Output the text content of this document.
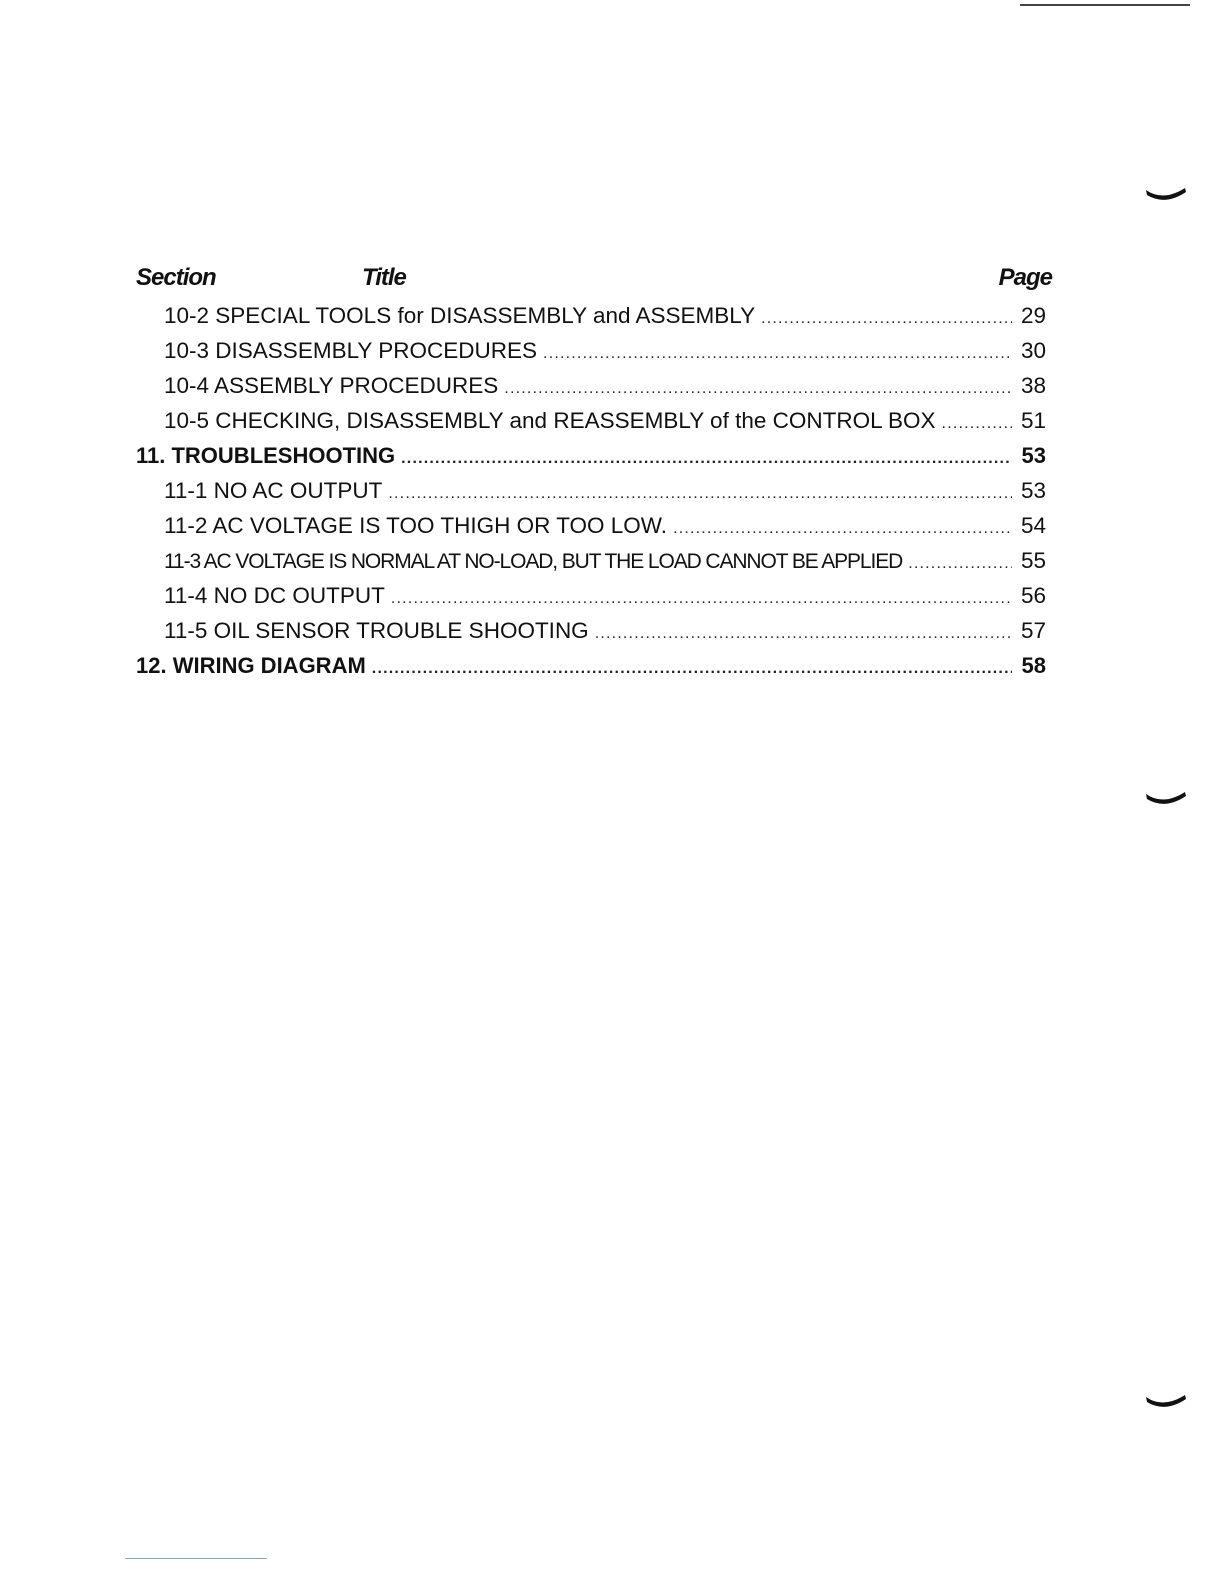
Section	Title	Page
10-2 SPECIAL TOOLS for DISASSEMBLY and ASSEMBLY .....	29
10-3 DISASSEMBLY PROCEDURES .....	30
10-4 ASSEMBLY PROCEDURES .....	38
10-5 CHECKING, DISASSEMBLY and REASSEMBLY of the CONTROL BOX .....	51
11. TROUBLESHOOTING .....	53
11-1 NO AC OUTPUT .....	53
11-2 AC VOLTAGE IS TOO THIGH OR TOO LOW. .....	54
11-3 AC VOLTAGE IS NORMAL AT NO-LOAD, BUT THE LOAD CANNOT BE APPLIED .....	55
11-4 NO DC OUTPUT .....	56
11-5 OIL SENSOR TROUBLE SHOOTING .....	57
12. WIRING DIAGRAM .....	58
